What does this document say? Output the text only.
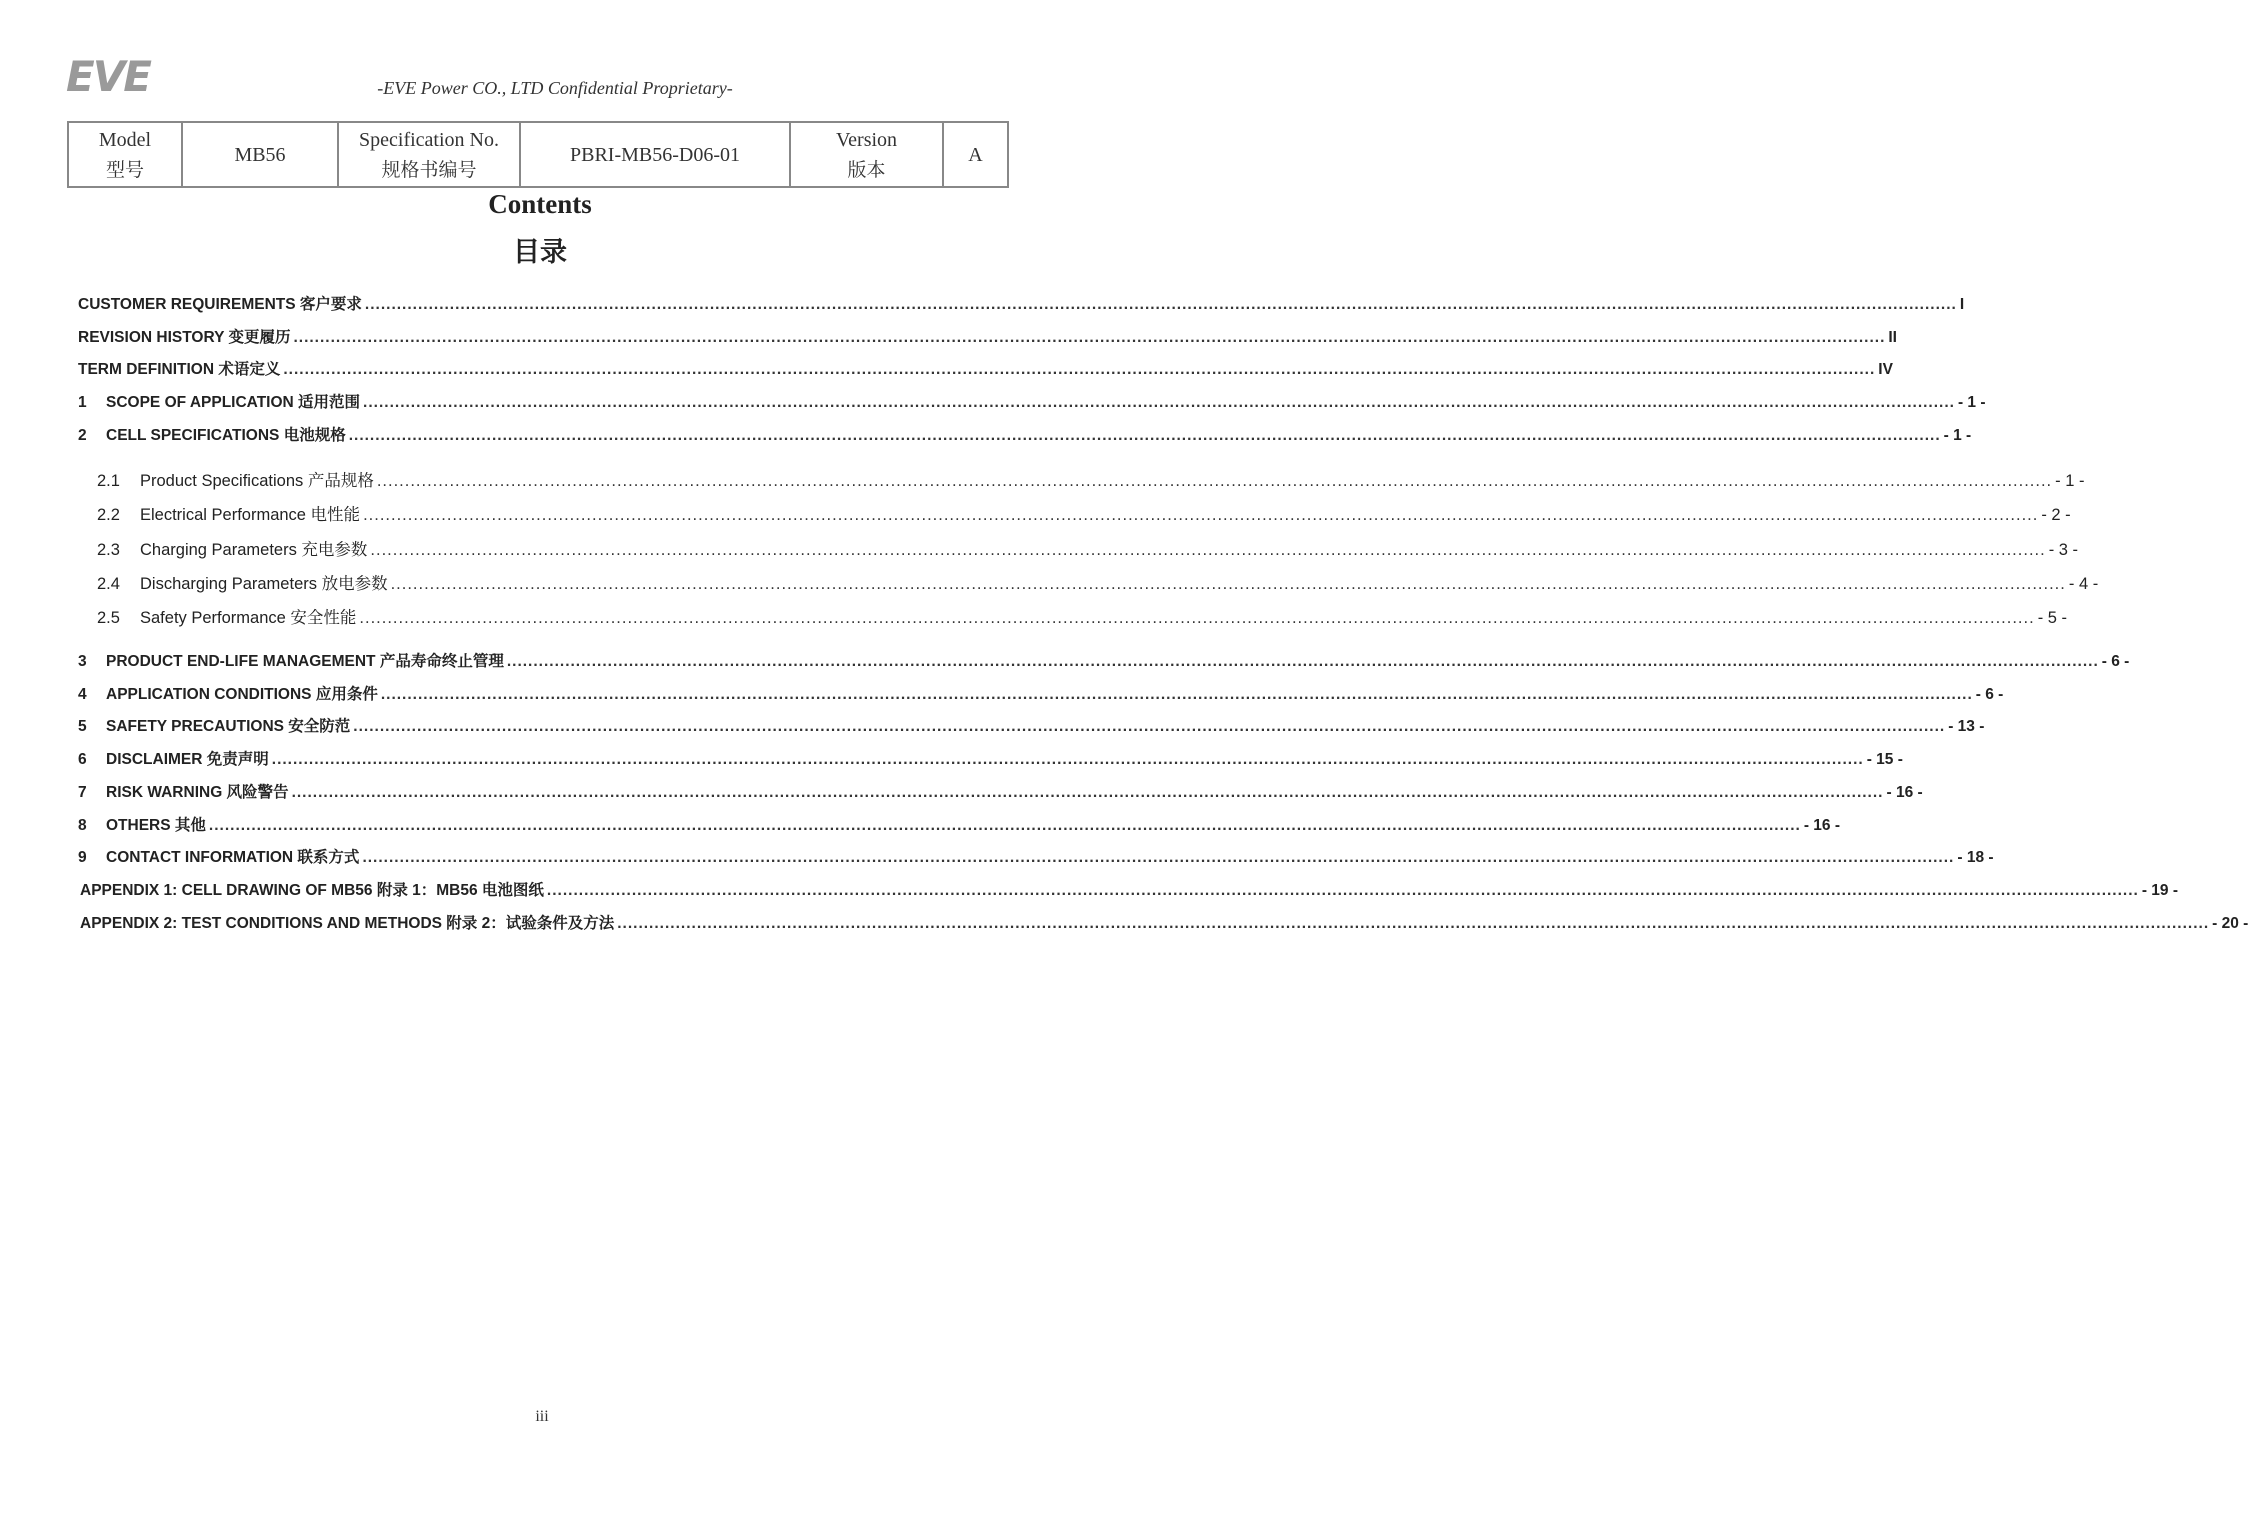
EVE	-EVE Power CO., LTD Confidential Proprietary-
Model
型号
	MB56	
Specification No.
规格书编号
	PBRI-MB56-D06-01	
Version
版本
	A
Contents
目录
CUSTOMER REQUIREMENTS 客户要求 ............................................................................................................................................................................................................................................................................................................ I
REVISION HISTORY 变更履历 ............................................................................................................................................................................................................................................................................................................ II
TERM DEFINITION 术语定义 ............................................................................................................................................................................................................................................................................................................ IV
1	SCOPE OF APPLICATION 适用范围 ............................................................................................................................................................................................................................................................................................................ - 1 -
2	CELL SPECIFICATIONS 电池规格 ............................................................................................................................................................................................................................................................................................................ - 1 -
2.1	Product Specifications 产品规格 ............................................................................................................................................................................................................................................................................................................ - 1 -
2.2	Electrical Performance 电性能 ............................................................................................................................................................................................................................................................................................................ - 2 -
2.3	Charging Parameters 充电参数 ............................................................................................................................................................................................................................................................................................................ - 3 -
2.4	Discharging Parameters 放电参数 ............................................................................................................................................................................................................................................................................................................ - 4 -
2.5	Safety Performance 安全性能 ............................................................................................................................................................................................................................................................................................................ - 5 -
3	PRODUCT END-LIFE MANAGEMENT 产品寿命终止管理 ............................................................................................................................................................................................................................................................................................................ - 6 -
4	APPLICATION CONDITIONS 应用条件 ............................................................................................................................................................................................................................................................................................................ - 6 -
5	SAFETY PRECAUTIONS 安全防范 ............................................................................................................................................................................................................................................................................................................ - 13 -
6	DISCLAIMER 免责声明 ............................................................................................................................................................................................................................................................................................................ - 15 -
7	RISK WARNING 风险警告 ............................................................................................................................................................................................................................................................................................................ - 16 -
8	OTHERS 其他 ............................................................................................................................................................................................................................................................................................................ - 16 -
9	CONTACT INFORMATION 联系方式 ............................................................................................................................................................................................................................................................................................................ - 18 -
APPENDIX 1: CELL DRAWING OF MB56 附录 1：MB56 电池图纸 ............................................................................................................................................................................................................................................................................................................ - 19 -
APPENDIX 2: TEST CONDITIONS AND METHODS 附录 2：试验条件及方法 ............................................................................................................................................................................................................................................................................................................ - 20 -
iii
